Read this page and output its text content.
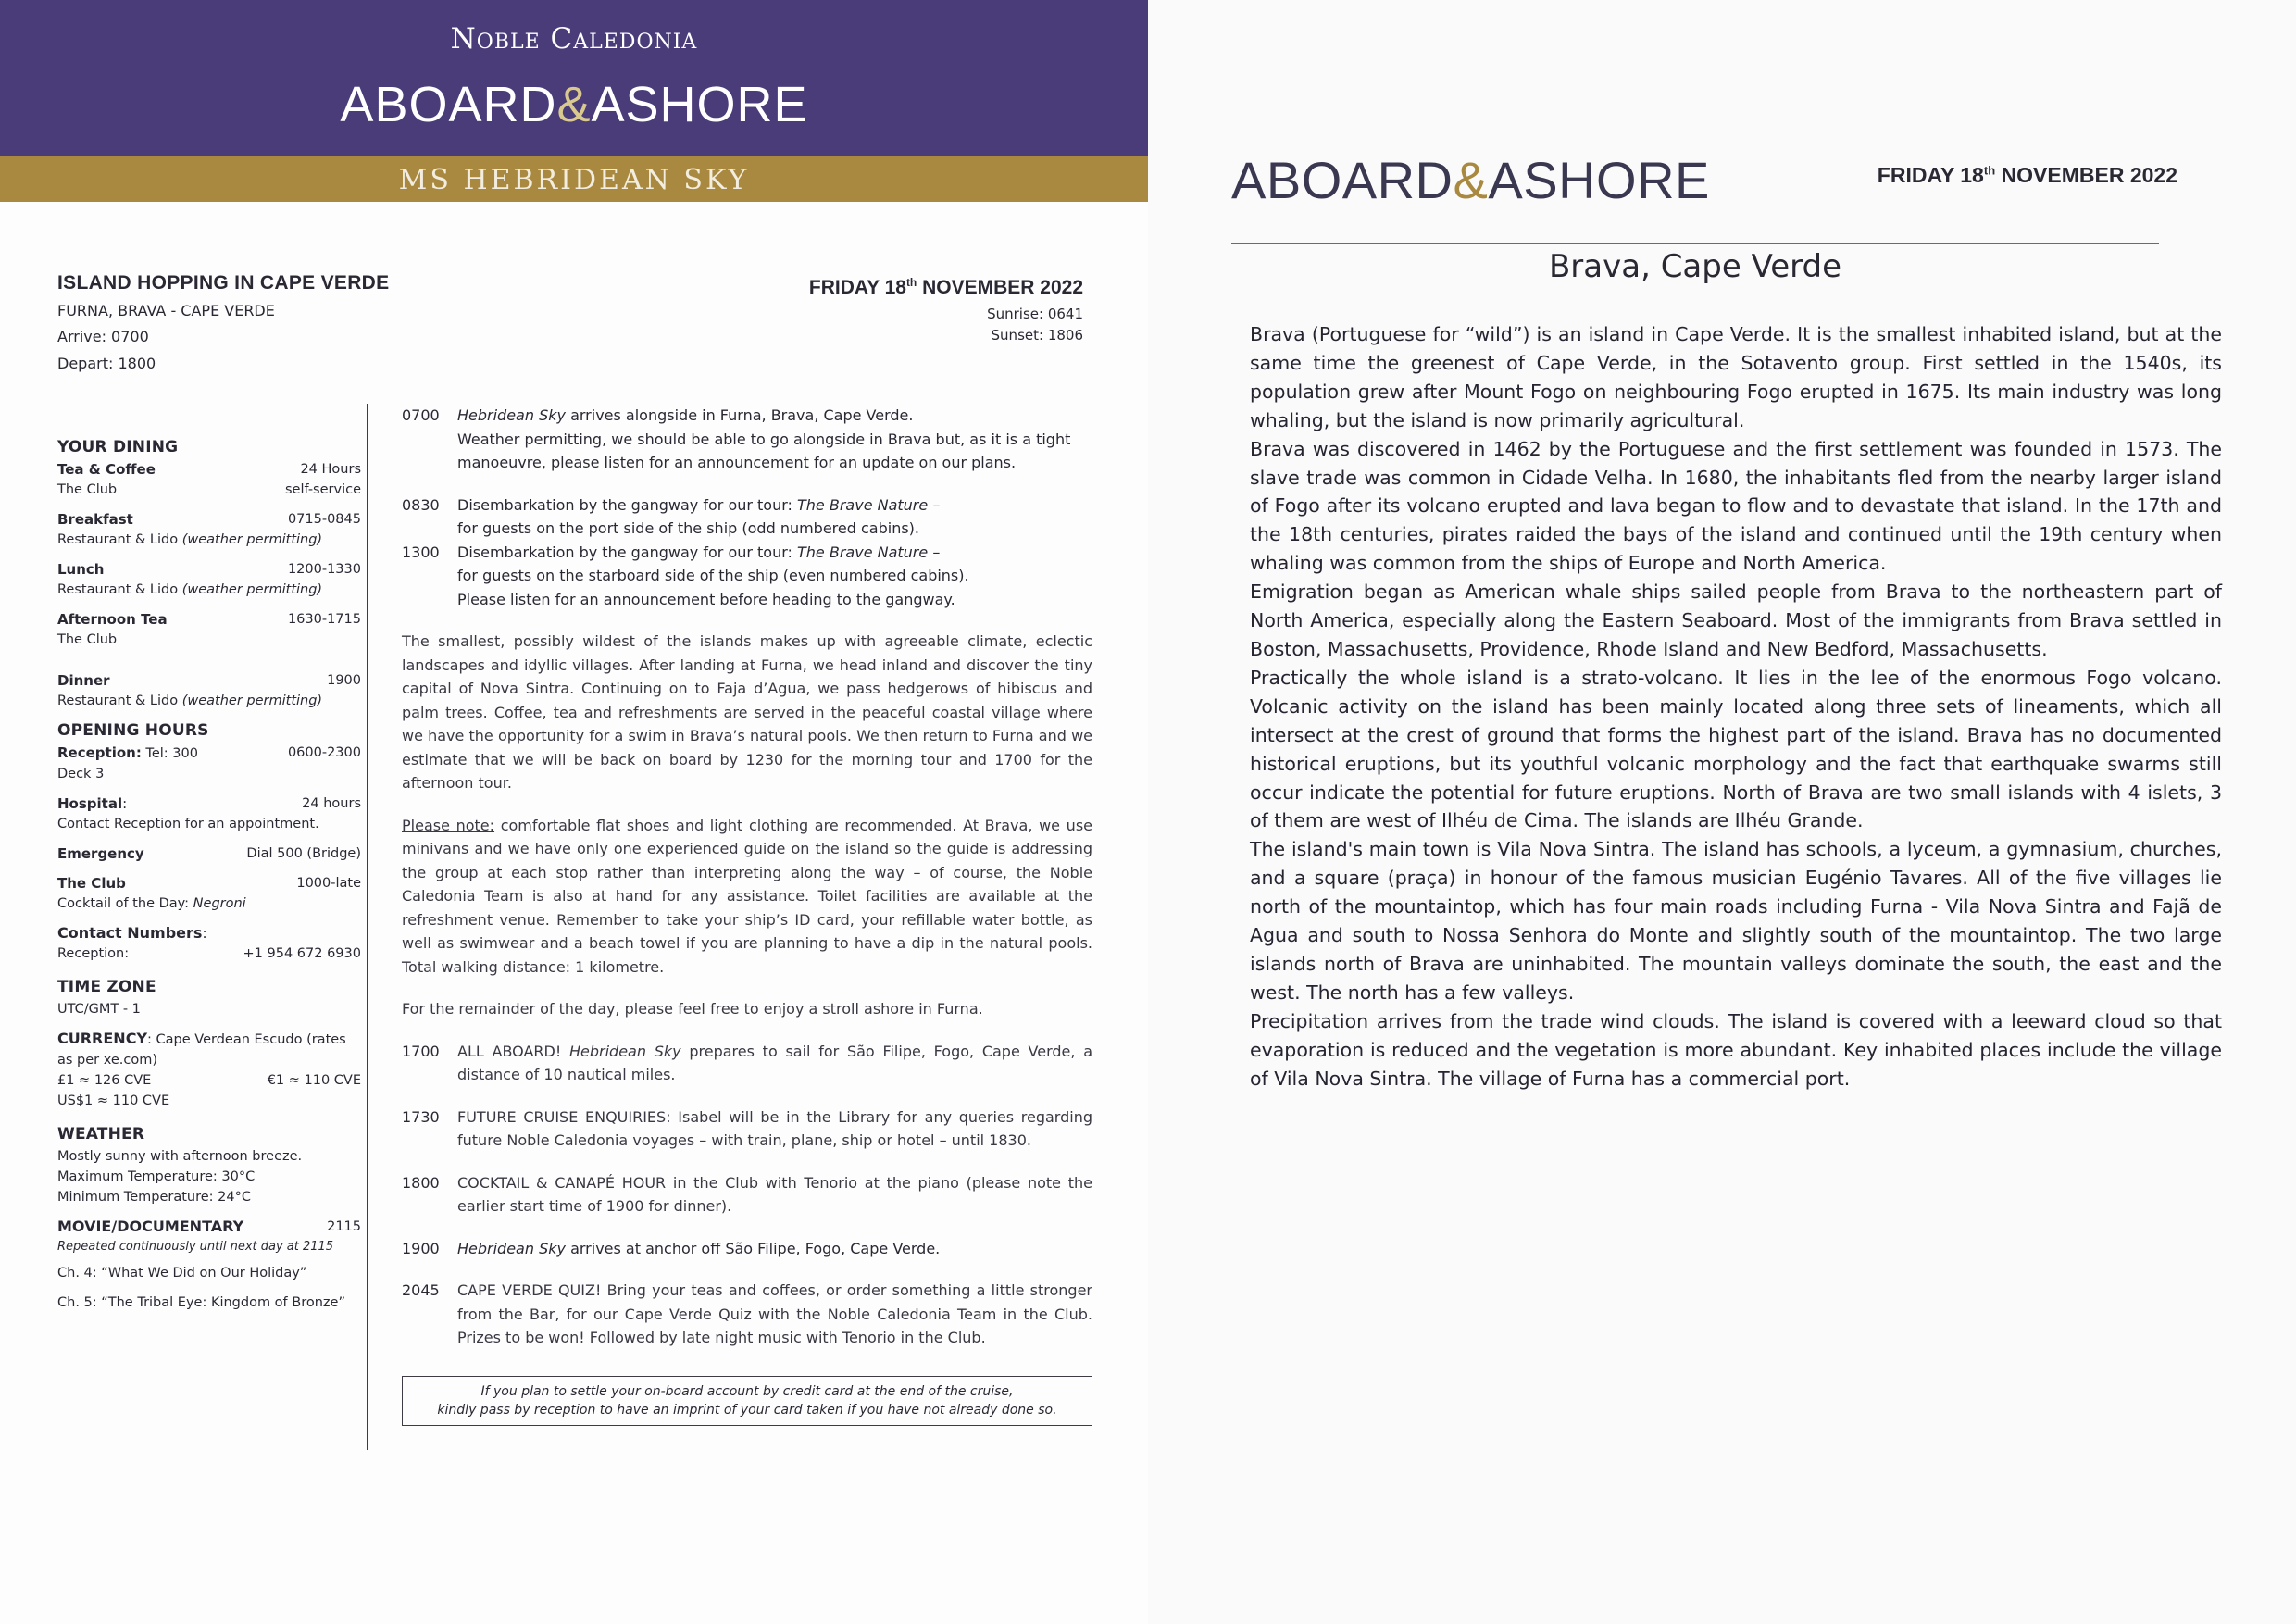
Noble Caledonia
ABOARD&ASHORE
MS HEBRIDEAN SKY
ISLAND HOPPING IN CAPE VERDE
FURNA, BRAVA - CAPE VERDE
Arrive: 0700
Depart: 1800
FRIDAY 18th NOVEMBER 2022
Sunrise: 0641
Sunset: 1806
YOUR DINING
Tea & Coffee	24 Hours
The Club	self-service
Breakfast	0715-0845
Restaurant & Lido (weather permitting)
Lunch	1200-1330
Restaurant & Lido (weather permitting)
Afternoon Tea	1630-1715
The Club
Dinner	1900
Restaurant & Lido (weather permitting)
OPENING HOURS
Reception: Tel: 300	0600-2300
Deck 3
Hospital:	24 hours
Contact Reception for an appointment.
Emergency	Dial 500 (Bridge)
The Club	1000-late
Cocktail of the Day: Negroni
Contact Numbers:
Reception:	+1 954 672 6930
TIME ZONE
UTC/GMT - 1
CURRENCY: Cape Verdean Escudo (rates as per xe.com)
£1 ≈ 126 CVE	€1 ≈ 110 CVE
US$1 ≈ 110 CVE
WEATHER
Mostly sunny with afternoon breeze.
Maximum Temperature: 30°C
Minimum Temperature: 24°C
MOVIE/DOCUMENTARY	2115
Repeated continuously until next day at 2115
Ch. 4: “What We Did on Our Holiday”
Ch. 5: “The Tribal Eye: Kingdom of Bronze”
0700	Hebridean Sky arrives alongside in Furna, Brava, Cape Verde.
Weather permitting, we should be able to go alongside in Brava but, as it is a tight manoeuvre, please listen for an announcement for an update on our plans.
0830	Disembarkation by the gangway for our tour: The Brave Nature –
for guests on the port side of the ship (odd numbered cabins).
1300	Disembarkation by the gangway for our tour: The Brave Nature –
for guests on the starboard side of the ship (even numbered cabins).
Please listen for an announcement before heading to the gangway.
The smallest, possibly wildest of the islands makes up with agreeable climate, eclectic landscapes and idyllic villages. After landing at Furna, we head inland and discover the tiny capital of Nova Sintra. Continuing on to Faja d’Agua, we pass hedgerows of hibiscus and palm trees. Coffee, tea and refreshments are served in the peaceful coastal village where we have the opportunity for a swim in Brava’s natural pools. We then return to Furna and we estimate that we will be back on board by 1230 for the morning tour and 1700 for the afternoon tour.
Please note: comfortable flat shoes and light clothing are recommended. At Brava, we use minivans and we have only one experienced guide on the island so the guide is addressing the group at each stop rather than interpreting along the way – of course, the Noble Caledonia Team is also at hand for any assistance. Toilet facilities are available at the refreshment venue. Remember to take your ship’s ID card, your refillable water bottle, as well as swimwear and a beach towel if you are planning to have a dip in the natural pools. Total walking distance: 1 kilometre.
For the remainder of the day, please feel free to enjoy a stroll ashore in Furna.
1700	ALL ABOARD! Hebridean Sky prepares to sail for São Filipe, Fogo, Cape Verde, a distance of 10 nautical miles.
1730	FUTURE CRUISE ENQUIRIES: Isabel will be in the Library for any queries regarding future Noble Caledonia voyages – with train, plane, ship or hotel – until 1830.
1800	COCKTAIL & CANAPÉ HOUR in the Club with Tenorio at the piano (please note the earlier start time of 1900 for dinner).
1900	Hebridean Sky arrives at anchor off São Filipe, Fogo, Cape Verde.
2045	CAPE VERDE QUIZ! Bring your teas and coffees, or order something a little stronger from the Bar, for our Cape Verde Quiz with the Noble Caledonia Team in the Club. Prizes to be won! Followed by late night music with Tenorio in the Club.
If you plan to settle your on-board account by credit card at the end of the cruise,
kindly pass by reception to have an imprint of your card taken if you have not already done so.
ABOARD&ASHORE	FRIDAY 18th NOVEMBER 2022
Brava, Cape Verde
Brava (Portuguese for “wild”) is an island in Cape Verde. It is the smallest inhabited island, but at the same time the greenest of Cape Verde, in the Sotavento group. First settled in the 1540s, its population grew after Mount Fogo on neighbouring Fogo erupted in 1675. Its main industry was long whaling, but the island is now primarily agricultural.
Brava was discovered in 1462 by the Portuguese and the first settlement was founded in 1573. The slave trade was common in Cidade Velha. In 1680, the inhabitants fled from the nearby larger island of Fogo after its volcano erupted and lava began to flow and to devastate that island. In the 17th and the 18th centuries, pirates raided the bays of the island and continued until the 19th century when whaling was common from the ships of Europe and North America.
Emigration began as American whale ships sailed people from Brava to the northeastern part of North America, especially along the Eastern Seaboard. Most of the immigrants from Brava settled in Boston, Massachusetts, Providence, Rhode Island and New Bedford, Massachusetts.
Practically the whole island is a strato-volcano. It lies in the lee of the enormous Fogo volcano. Volcanic activity on the island has been mainly located along three sets of lineaments, which all intersect at the crest of ground that forms the highest part of the island. Brava has no documented historical eruptions, but its youthful volcanic morphology and the fact that earthquake swarms still occur indicate the potential for future eruptions. North of Brava are two small islands with 4 islets, 3 of them are west of Ilhéu de Cima. The islands are Ilhéu Grande.
The island's main town is Vila Nova Sintra. The island has schools, a lyceum, a gymnasium, churches, and a square (praça) in honour of the famous musician Eugénio Tavares. All of the five villages lie north of the mountaintop, which has four main roads including Furna - Vila Nova Sintra and Fajã de Agua and south to Nossa Senhora do Monte and slightly south of the mountaintop. The two large islands north of Brava are uninhabited. The mountain valleys dominate the south, the east and the west. The north has a few valleys.
Precipitation arrives from the trade wind clouds. The island is covered with a leeward cloud so that evaporation is reduced and the vegetation is more abundant. Key inhabited places include the village of Vila Nova Sintra. The village of Furna has a commercial port.
